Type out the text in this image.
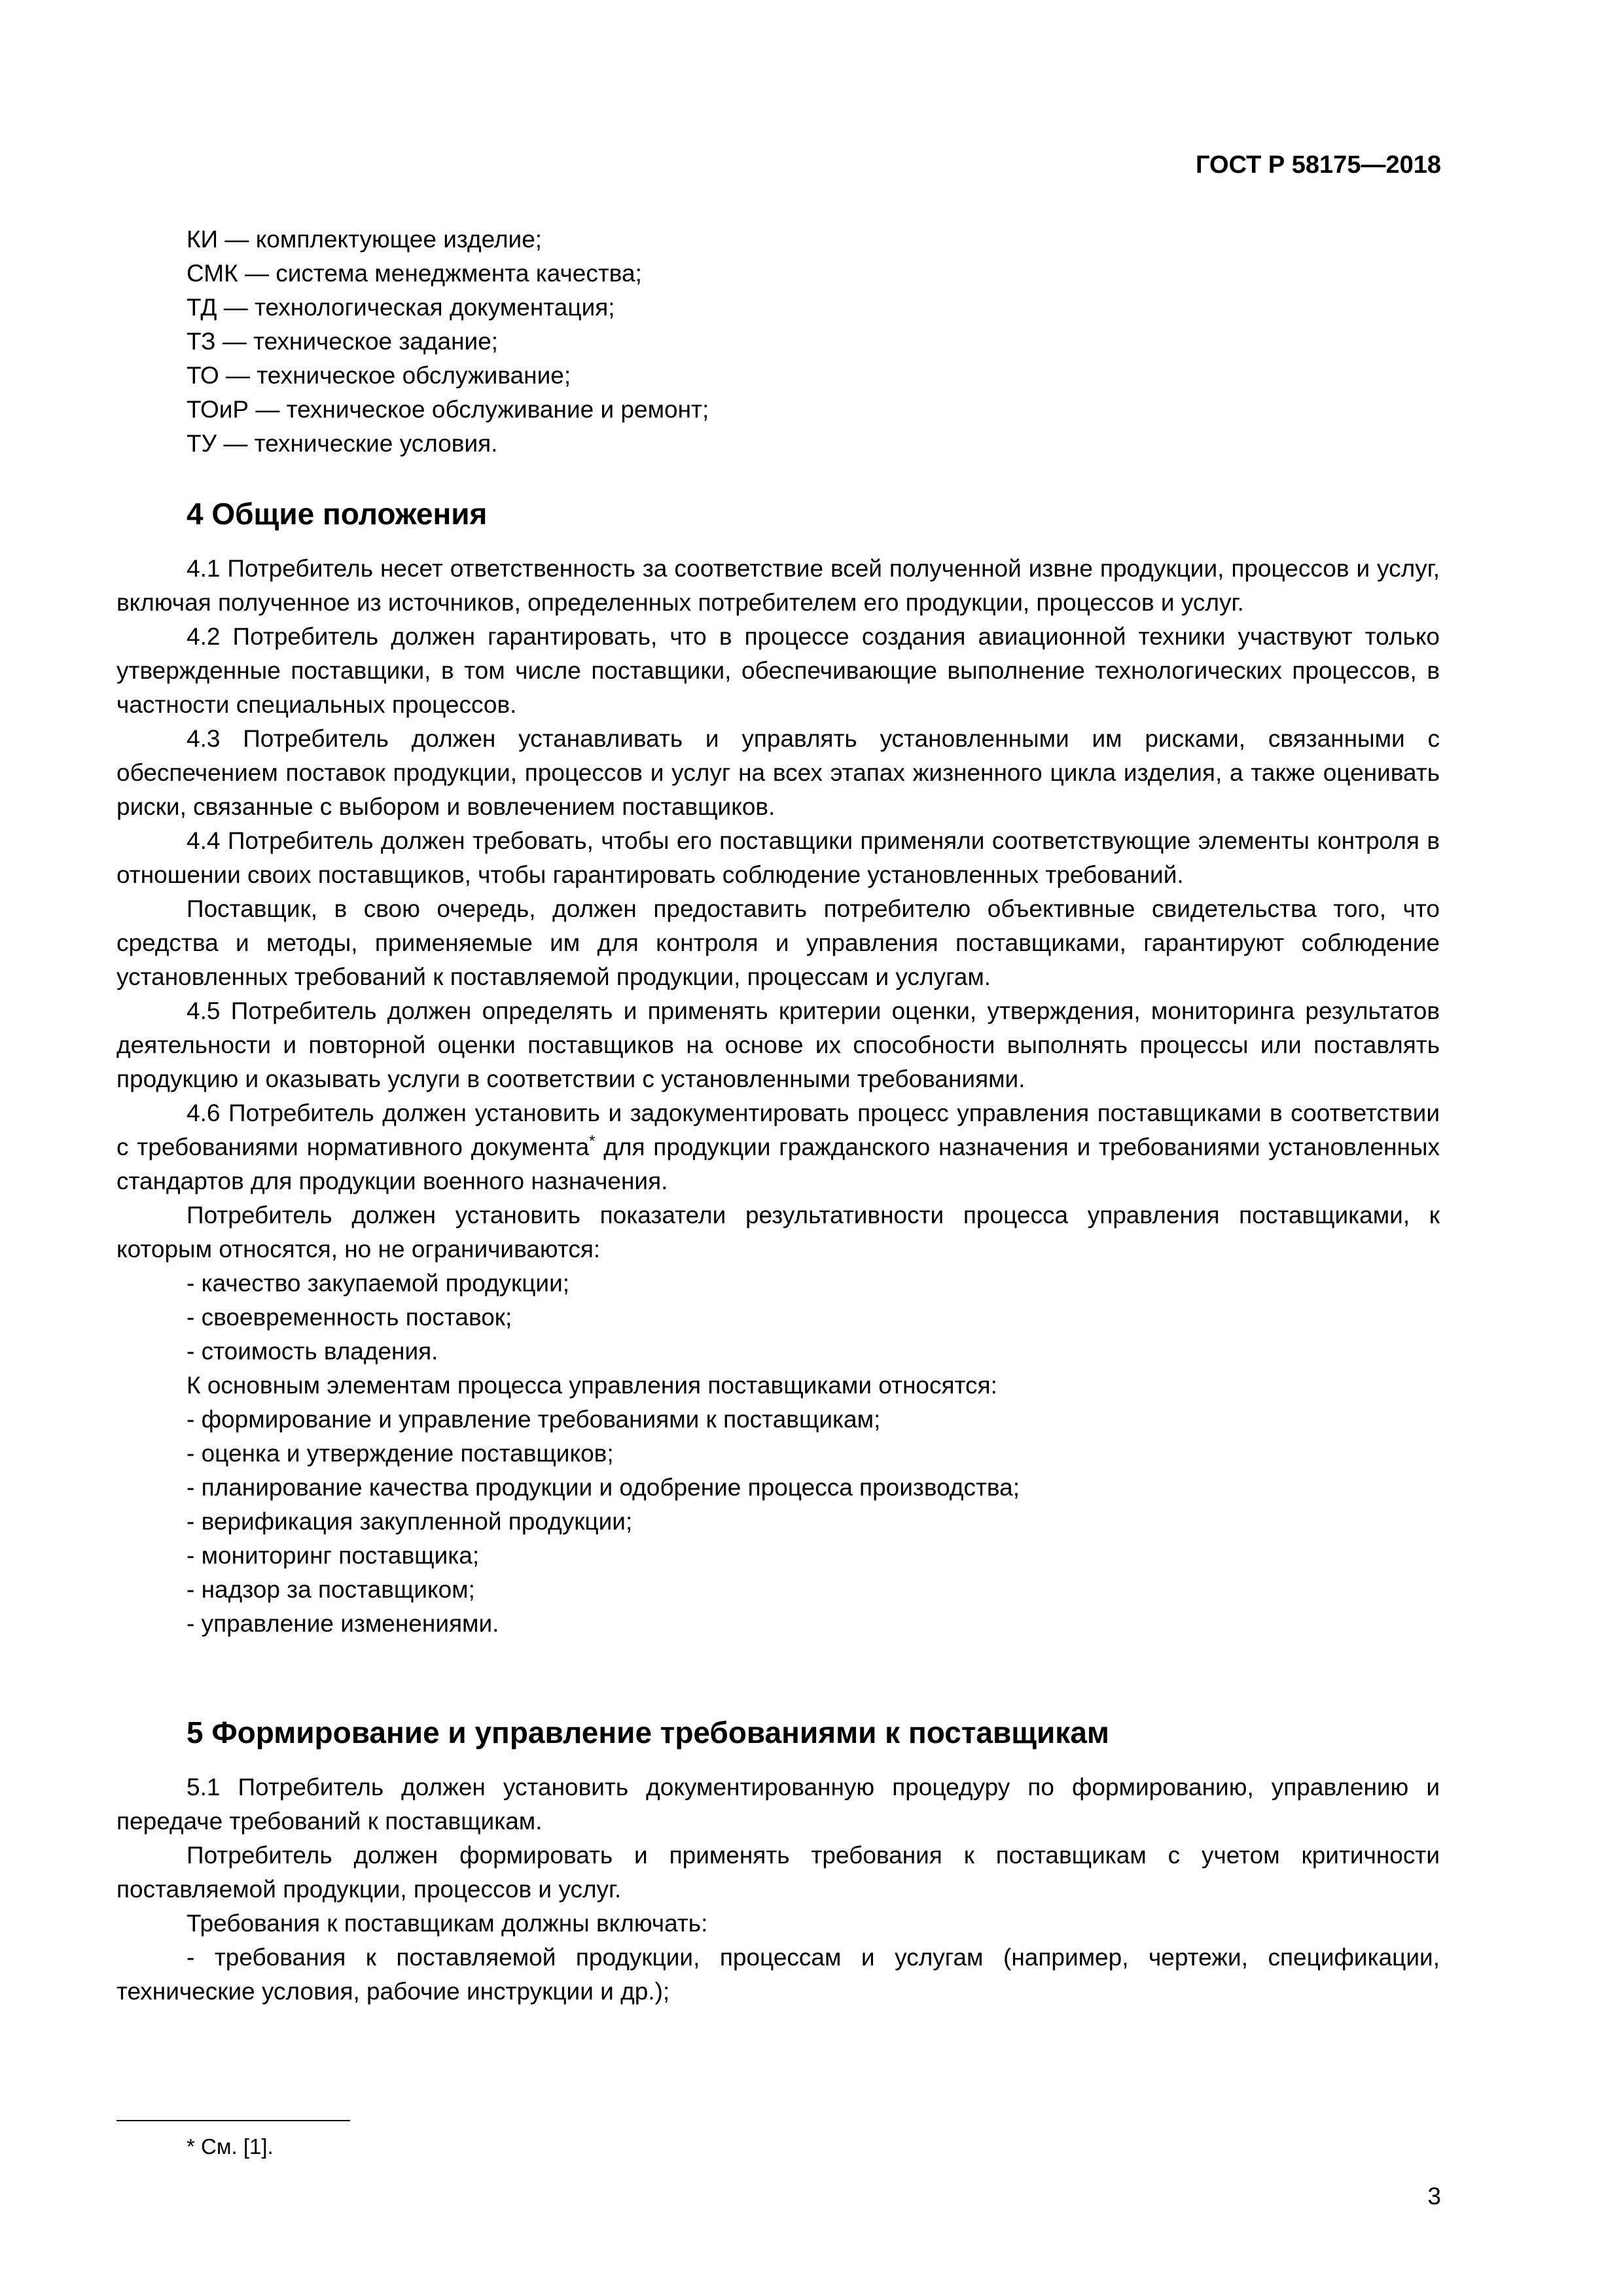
ГОСТ Р 58175—2018
КИ — комплектующее изделие;
СМК — система менеджмента качества;
ТД — технологическая документация;
ТЗ — техническое задание;
ТО — техническое обслуживание;
ТОиР — техническое обслуживание и ремонт;
ТУ — технические условия.
4 Общие положения

4.1 Потребитель несет ответственность за соответствие всей полученной извне продукции, процессов и услуг, включая полученное из источников, определенных потребителем его продукции, процессов и услуг.

4.2 Потребитель должен гарантировать, что в процессе создания авиационной техники участвуют только утвержденные поставщики, в том числе поставщики, обеспечивающие выполнение технологических процессов, в частности специальных процессов.

4.3 Потребитель должен устанавливать и управлять установленными им рисками, связанными с обеспечением поставок продукции, процессов и услуг на всех этапах жизненного цикла изделия, а также оценивать риски, связанные с выбором и вовлечением поставщиков.

4.4 Потребитель должен требовать, чтобы его поставщики применяли соответствующие элементы контроля в отношении своих поставщиков, чтобы гарантировать соблюдение установленных требований.

Поставщик, в свою очередь, должен предоставить потребителю объективные свидетельства того, что средства и методы, применяемые им для контроля и управления поставщиками, гарантируют соблюдение установленных требований к поставляемой продукции, процессам и услугам.

4.5 Потребитель должен определять и применять критерии оценки, утверждения, мониторинга результатов деятельности и повторной оценки поставщиков на основе их способности выполнять процессы или поставлять продукцию и оказывать услуги в соответствии с установленными требованиями.

4.6 Потребитель должен установить и задокументировать процесс управления поставщиками в соответствии с требованиями нормативного документа* для продукции гражданского назначения и требованиями установленных стандартов для продукции военного назначения.

Потребитель должен установить показатели результативности процесса управления поставщиками, к которым относятся, но не ограничиваются:

- качество закупаемой продукции;

- своевременность поставок;

- стоимость владения.

К основным элементам процесса управления поставщиками относятся:

- формирование и управление требованиями к поставщикам;

- оценка и утверждение поставщиков;

- планирование качества продукции и одобрение процесса производства;

- верификация закупленной продукции;

- мониторинг поставщика;

- надзор за поставщиком;

- управление изменениями.

5 Формирование и управление требованиями к поставщикам

5.1 Потребитель должен установить документированную процедуру по формированию, управлению и передаче требований к поставщикам.

Потребитель должен формировать и применять требования к поставщикам с учетом критичности поставляемой продукции, процессов и услуг.

Требования к поставщикам должны включать:

- требования к поставляемой продукции, процессам и услугам (например, чертежи, спецификации, технические условия, рабочие инструкции и др.);

* См. [1].
3
